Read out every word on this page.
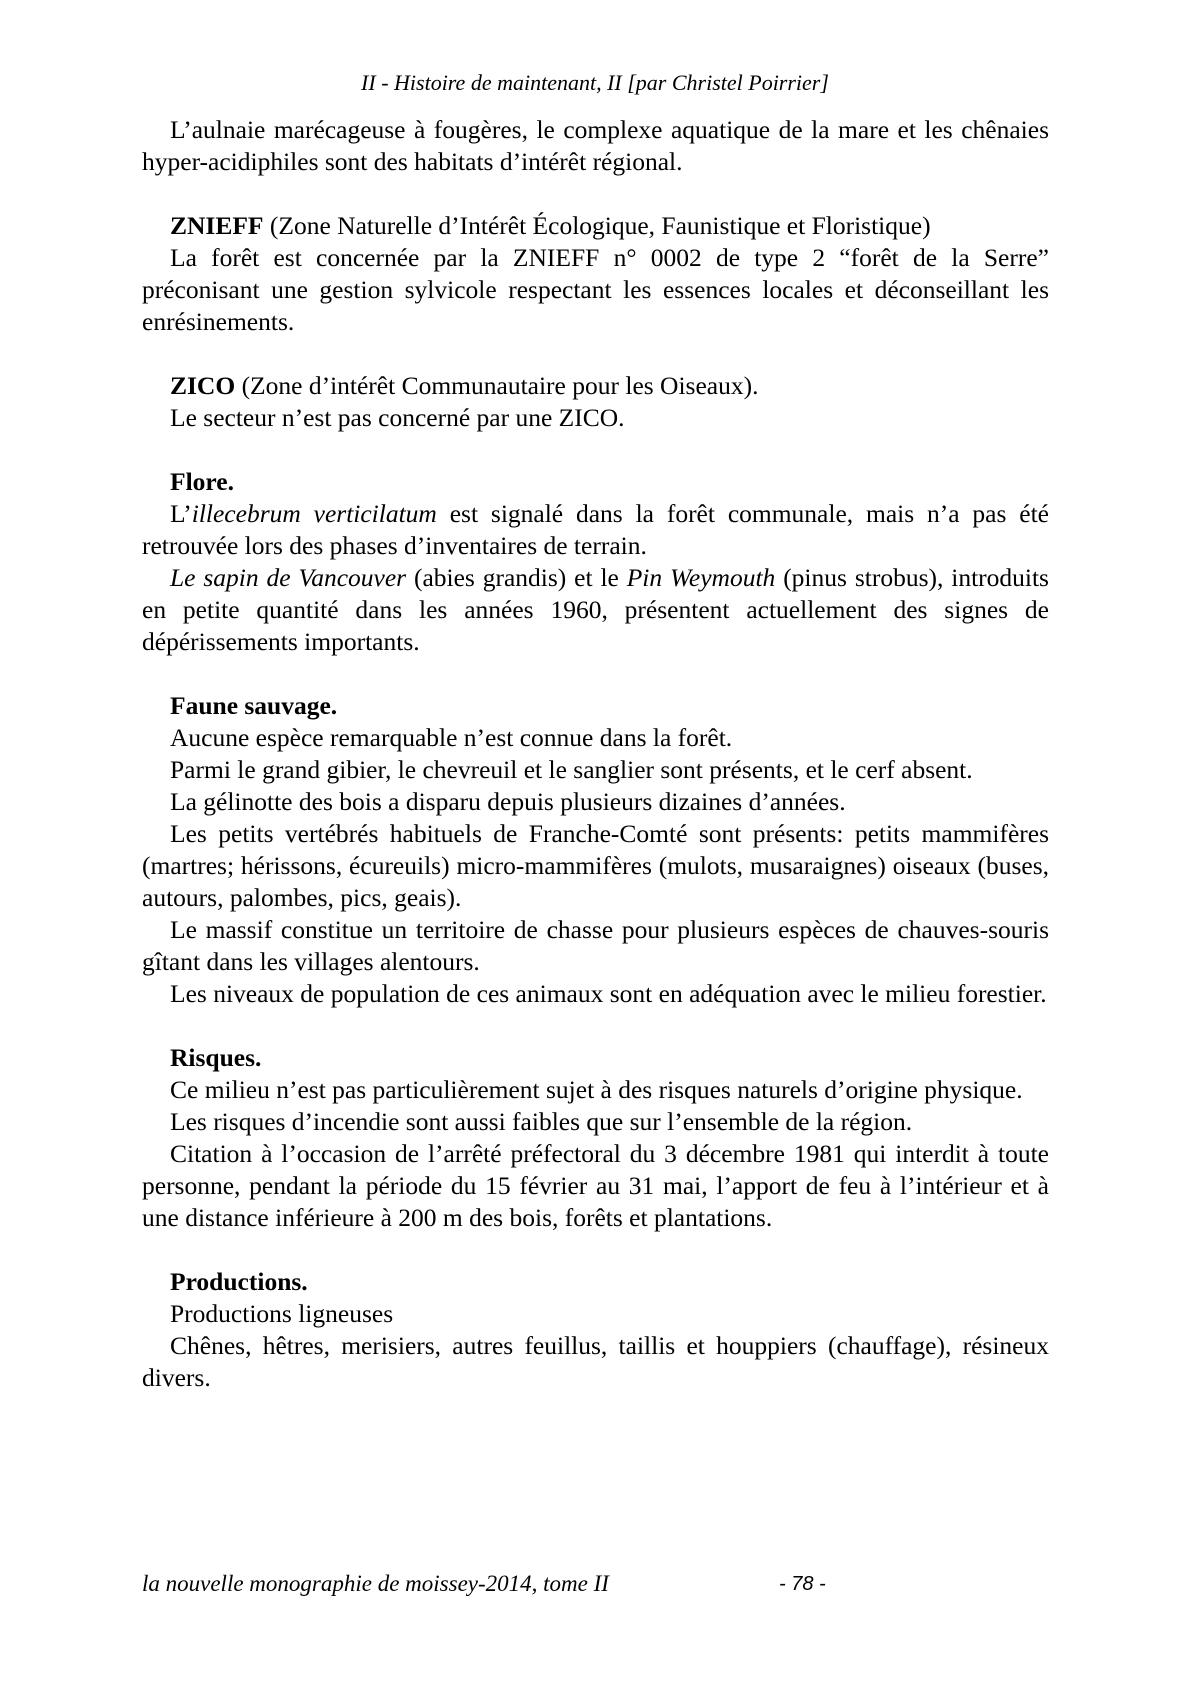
II - Histoire de maintenant, II [par Christel Poirrier]

L’aulnaie marécageuse à fougères, le complexe aquatique de la mare et les chênaies hyper-acidiphiles sont des habitats d’intérêt régional.

ZNIEFF (Zone Naturelle d’Intérêt Écologique, Faunistique et Floristique)

La forêt est concernée par la ZNIEFF n° 0002 de type 2 “forêt de la Serre” préconisant une gestion sylvicole respectant les essences locales et déconseillant les enrésinements.

ZICO (Zone d’intérêt Communautaire pour les Oiseaux).

Le secteur n’est pas concerné par une ZICO.

Flore.

L’illecebrum verticilatum est signalé dans la forêt communale, mais n’a pas été retrouvée lors des phases d’inventaires de terrain.

Le sapin de Vancouver (abies grandis) et le Pin Weymouth (pinus strobus), introduits en petite quantité dans les années 1960, présentent actuellement des signes de dépérissements importants.

Faune sauvage.

Aucune espèce remarquable n’est connue dans la forêt.

Parmi le grand gibier, le chevreuil et le sanglier sont présents, et le cerf absent.

La gélinotte des bois a disparu depuis plusieurs dizaines d’années.

Les petits vertébrés habituels de Franche-Comté sont présents: petits mammifères (martres; hérissons, écureuils) micro-mammifères (mulots, musaraignes) oiseaux (buses, autours, palombes, pics, geais).

Le massif constitue un territoire de chasse pour plusieurs espèces de chauves-souris gîtant dans les villages alentours.

Les niveaux de population de ces animaux sont en adéquation avec le milieu forestier.

Risques.

Ce milieu n’est pas particulièrement sujet à des risques naturels d’origine physique.

Les risques d’incendie sont aussi faibles que sur l’ensemble de la région.

Citation à l’occasion de l’arrêté préfectoral du 3 décembre 1981 qui interdit à toute personne, pendant la période du 15 février au 31 mai, l’apport de feu à l’intérieur et à une distance inférieure à 200 m des bois, forêts et plantations.

Productions.

Productions ligneuses

Chênes, hêtres, merisiers, autres feuillus, taillis et houppiers (chauffage), résineux divers.

la nouvelle monographie de moissey-2014, tome II	- 78 -
